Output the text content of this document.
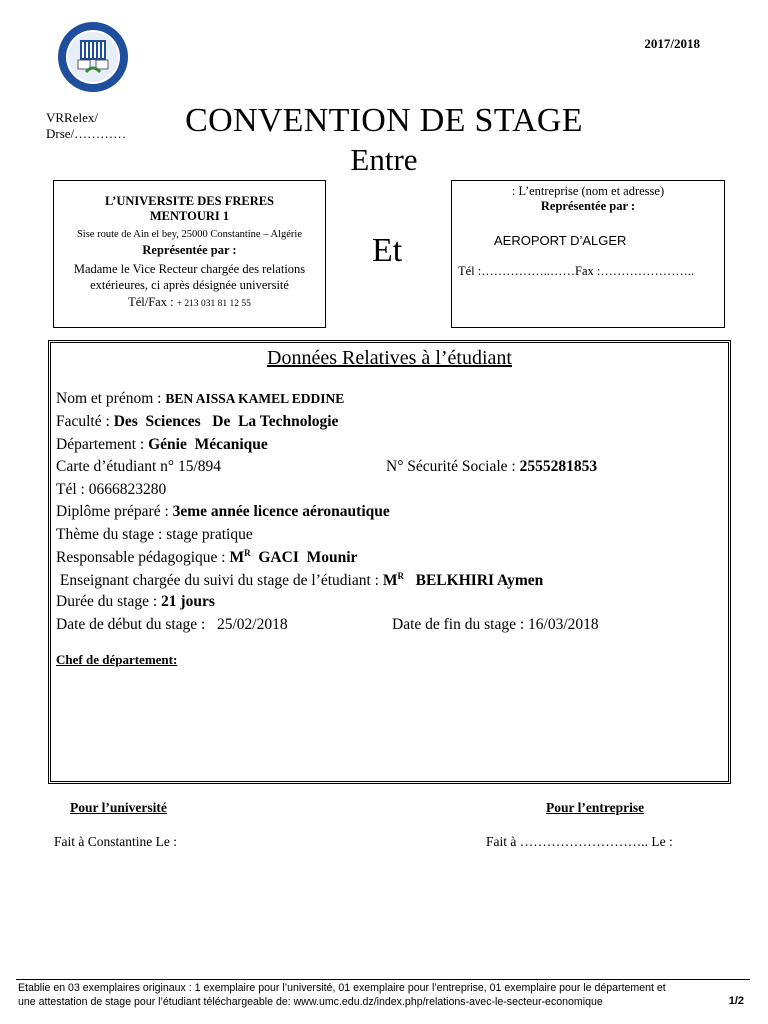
2017/2018
VRRelex/
Drse/…………	CONVENTION DE STAGE
Entre
L’UNIVERSITE DES FRERES
MENTOURI 1
Sise route de Ain el bey, 25000 Constantine – Algérie
Représentée par :
Madame le Vice Recteur chargée des relations
extérieures, ci après désignée université
Tél/Fax : + 213 031 81 12 55
Et
: L’entreprise (nom et adresse)
Représentée par :
AEROPORT D’ALGER
Tél :……………..……Fax :…………………..
Données Relatives à l’étudiant
Nom et prénom : BEN AISSA KAMEL EDDINE
Faculté : Des  Sciences   De  La Technologie
Département : Génie  Mécanique
Carte d’étudiant n° 15/894	N° Sécurité Sociale : 2555281853
Tél : 0666823280
Diplôme préparé : 3eme année licence aéronautique
Thème du stage : stage pratique
Responsable pédagogique : $M^R$  GACI  Mounir
Enseignant chargée du suivi du stage de l’étudiant : $M^R$   BELKHIRI Aymen
Durée du stage : 21 jours
Date de début du stage :   25/02/2018	Date de fin du stage : 16/03/2018
Chef de département:
Pour l’université	Pour l’entreprise
Fait à Constantine Le :	Fait à ……………………….. Le :
Etablie en 03 exemplaires originaux : 1 exemplaire pour l’université, 01 exemplaire pour l’entreprise, 01 exemplaire pour le département et
une attestation de stage pour l’étudiant téléchargeable de: www.umc.edu.dz/index.php/relations-avec-le-secteur-economique	1/2
